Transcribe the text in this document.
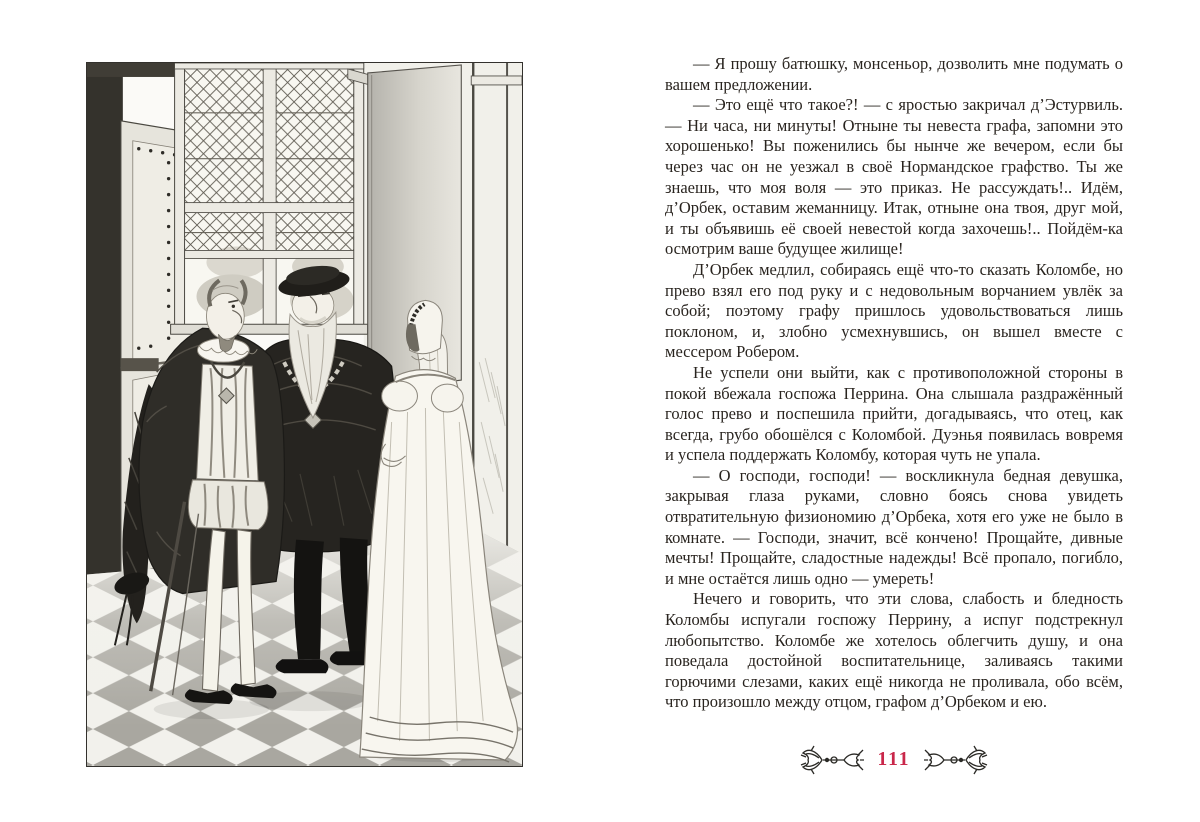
— Я прошу батюшку, монсеньор, дозволить мне подумать о вашем предложении.

— Это ещё что такое?! — с яростью закричал д’Эстурвиль. — Ни часа, ни минуты! Отныне ты невеста графа, запомни это хорошенько! Вы поженились бы нынче же вечером, если бы через час он не уезжал в своё Нормандское графство. Ты же знаешь, что моя воля — это приказ. Не рассуждать!.. Идём, д’Орбек, оставим жеманницу. Итак, отныне она твоя, друг мой, и ты объявишь её своей невестой когда захочешь!.. Пойдём-ка осмотрим ваше будущее жилище!

Д’Орбек медлил, собираясь ещё что-то сказать Коломбе, но прево взял его под руку и с недовольным ворчанием увлёк за собой; поэтому графу пришлось удовольствоваться лишь поклоном, и, злобно усмехнувшись, он вышел вместе с мессером Робером.

Не успели они выйти, как с противоположной стороны в покой вбежала госпожа Перрина. Она слышала раздражённый голос прево и поспешила прийти, догадываясь, что отец, как всегда, грубо обошёлся с Коломбой. Дуэнья появилась вовремя и успела поддержать Коломбу, которая чуть не упала.

— О господи, господи! — воскликнула бедная девушка, закрывая глаза руками, словно боясь снова увидеть отвратительную физиономию д’Орбека, хотя его уже не было в комнате. — Господи, значит, всё кончено! Прощайте, дивные мечты! Прощайте, сладостные надежды! Всё пропало, погибло, и мне остаётся лишь одно — умереть!

Нечего и говорить, что эти слова, слабость и бледность Коломбы испугали госпожу Перрину, а испуг подстрекнул любопытство. Коломбе же хотелось облегчить душу, и она поведала достойной воспитательнице, заливаясь такими горючими слезами, каких ещё никогда не проливала, обо всём, что произошло между отцом, графом д’Орбеком и ею.

111
